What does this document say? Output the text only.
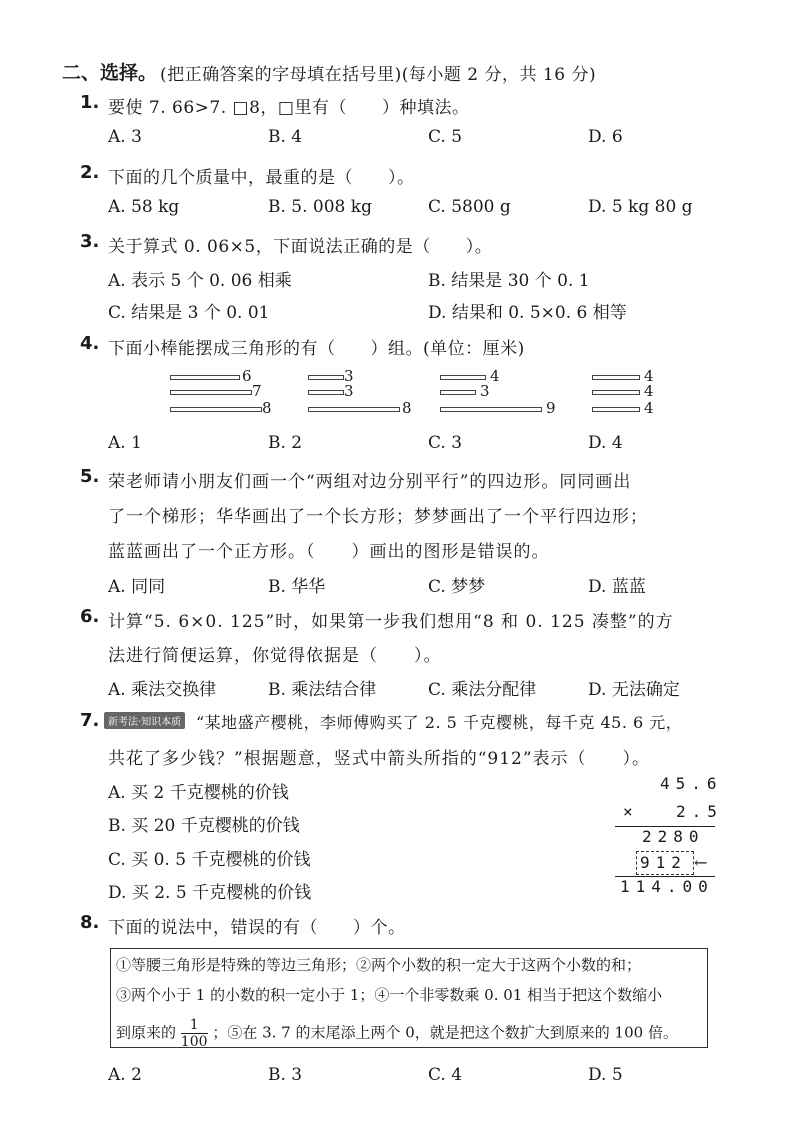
二、选择。 (把正确答案的字母填在括号里)(每小题 2 分，共 16 分)
1. 要使 7. 66>7. □8，□里有（　　）种填法。
A. 3	B. 4	C. 5	D. 6
2. 下面的几个质量中，最重的是（　　）。
A. 58 kg	B. 5. 008 kg	C. 5800 g	D. 5 kg 80 g
3. 关于算式 0. 06×5，下面说法正确的是（　　）。
A. 表示 5 个 0. 06 相乘	B. 结果是 30 个 0. 1
C. 结果是 3 个 0. 01	D. 结果和 0. 5×0. 6 相等
4. 下面小棒能摆成三角形的有（　　）组。(单位：厘米)
6
7
8
3
3
8
4
3
9
4
4
4
A. 1	B. 2	C. 3	D. 4
5. 荣老师请小朋友们画一个“两组对边分别平行”的四边形。同同画出
了一个梯形；华华画出了一个长方形；梦梦画出了一个平行四边形；
蓝蓝画出了一个正方形。（　　）画出的图形是错误的。
A. 同同	B. 华华	C. 梦梦	D. 蓝蓝
6. 计算“5. 6×0. 125”时，如果第一步我们想用“8 和 0. 125 凑整”的方
法进行简便运算，你觉得依据是（　　）。
A. 乘法交换律	B. 乘法结合律	C. 乘法分配律	D. 无法确定
7. 新考法·知识本质 “某地盛产樱桃，李师傅购买了 2. 5 千克樱桃，每千克 45. 6 元，
共花了多少钱？”根据题意，竖式中箭头所指的“912”表示（　　）。
A. 买 2 千克樱桃的价钱
B. 买 20 千克樱桃的价钱
C. 买 0. 5 千克樱桃的价钱
D. 买 2. 5 千克樱桃的价钱
45.6
× 2.5
2280
912 ←
114.00
8. 下面的说法中，错误的有（　　）个。
①等腰三角形是特殊的等边三角形；②两个小数的积一定大于这两个小数的和；
③两个小于 1 的小数的积一定小于 1；④一个非零数乘 0. 01 相当于把这个数缩小
到原来的 $\frac{1}{100}$ ；⑤在 3. 7 的末尾添上两个 0，就是把这个数扩大到原来的 100 倍。
A. 2	B. 3	C. 4	D. 5
